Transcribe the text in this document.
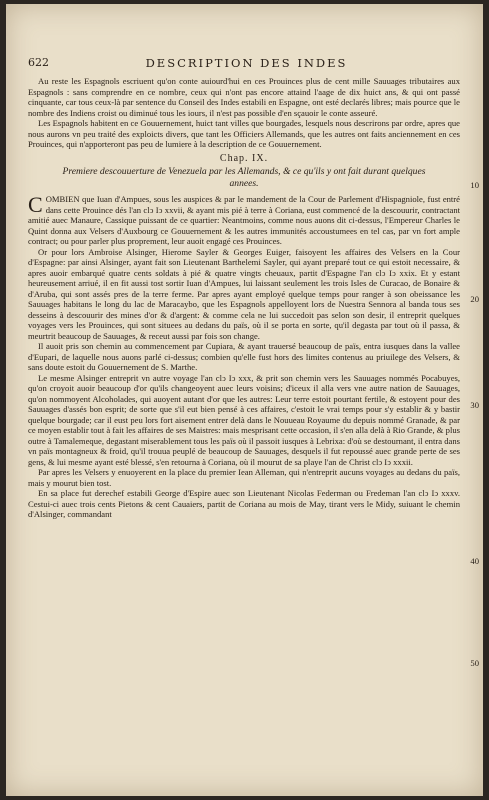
622	DESCRIPTION DES INDES

Au reste les Espagnols escriuent qu'on conte auiourd'hui en ces Prouinces plus de cent mille Sauuages tributaires aux Espagnols : sans comprendre en ce nombre, ceux qui n'ont pas encore attaind l'aage de dix huict ans, & qui ont passé cinquante, car tous ceux-là par sentence du Conseil des Indes estabili en Espagne, ont esté declarés libres; mais pource que le nombre des Indiens croist ou diminué tous les iours, il n'est pas possible d'en sçauoir le conte asseuré.

Les Espagnols habitent en ce Gouuernement, huict tant villes que bourgades, lesquels nous descrirons par ordre, apres que nous aurons vn peu traité des exploicts divers, que tant les Officiers Allemands, que les autres ont faits anciennement en ces Prouinces, qui n'apporteront pas peu de lumiere à la description de ce Gouuernement.

Chap. IX.
Premiere descouuerture de Venezuela par les Allemands, & ce qu'ils y ont fait durant quelques annees.

COMBIEN que Iuan d'Ampues, sous les auspices & par le mandement de la Cour de Parlement d'Hispagniole, fust entré dans cette Prouince dés l'an clↄ Iↄ xxvii, & ayant mis pié à terre à Coriana, eust commencé de la descouurir, contractant amitié auec Manaure, Cassique puissant de ce quartier: Neantmoins, comme nous auons dit ci-dessus, l'Empereur Charles le Quint donna aux Velsers d'Auxbourg ce Gouuernement & les autres immunités accoustumees en tel cas, par vn fort ample contract; ou pour parler plus proprement, leur auoit engagé ces Prouinces.

Or pour lors Ambroise Alsinger, Hierome Sayler & Georges Euiger, faisoyent les affaires des Velsers en la Cour d'Espagne: par ainsi Alsinger, ayant fait son Lieutenant Barthelemi Sayler, qui ayant preparé tout ce qui estoit necessaire, & apres auoir embarqué quatre cents soldats à pié & quatre vingts cheuaux, partit d'Espagne l'an clↄ Iↄ xxix. Et y estant heureusement arriué, il en fit aussi tost sortir Iuan d'Ampues, lui laissant seulement les trois Isles de Curacao, de Bonaire & d'Aruba, qui sont assés pres de la terre ferme. Par apres ayant employé quelque temps pour ranger à son obeissance les Sauuages habitans le long du lac de Maracaybo, que les Espagnols appelloyent lors de Nuestra Sennora al banda tous ses desseins à descouurir des mines d'or & d'argent: & comme cela ne lui succedoit pas selon son desir, il entreprit quelques voyages vers les Prouinces, qui sont situees au dedans du païs, où il se porta en sorte, qu'il degasta par tout où il passa, & meurtrit beaucoup de Sauuages, & receut aussi par fois son change.

Il auoit pris son chemin au commencement par Cupiara, & ayant trauersé beaucoup de païs, entra iusques dans la vallee d'Eupari, de laquelle nous auons parlé ci-dessus; combien qu'elle fust hors des limites contenus au priuilege des Velsers, & sans doute estoit du Gouuernement de S. Marthe.

Le mesme Alsinger entreprit vn autre voyage l'an clↄ Iↄ xxx, & prit son chemin vers les Sauuages nommés Pocabuyes, qu'on croyoit auoir beaucoup d'or qu'ils changeoyent auec leurs voisins; d'iceux il alla vers vne autre nation de Sauuages, qu'on nommoyent Alcoholades, qui auoyent autant d'or que les autres: Leur terre estoit pourtant fertile, & estoyent pour des Sauuages d'assés bon esprit; de sorte que s'il eut bien pensé à ces affaires, c'estoit le vrai temps pour s'y establir & y bastir quelque bourgade; car il eust peu lors fort aisement entrer delà dans le Nouueau Royaume du depuis nommé Granade, & par ce moyen establir tout à fait les affaires de ses Maistres: mais mesprisant cette occasion, il s'en alla delà à Rio Grande, & plus outre à Tamalemeque, degastant miserablement tous les païs où il passoit iusques à Lebrixa: d'où se destournant, il entra dans vn païs montagneux & froid, qu'il trouua peuplé de beaucoup de Sauuages, desquels il fut repoussé auec grande perte de ses gens, & lui mesme ayant esté blessé, s'en retourna à Coriana, où il mourut de sa playe l'an de Christ clↄ Iↄ xxxii.

Par apres les Velsers y enuoyerent en la place du premier Iean Alleman, qui n'entreprit aucuns voyages au dedans du païs, mais y mourut bien tost.

En sa place fut derechef estabili George d'Espire auec son Lieutenant Nicolas Federman ou Fredeman l'an clↄ Iↄ xxxv. Cestui-ci auec trois cents Pietons & cent Cauaiers, partit de Coriana au mois de May, tirant vers le Midy, suiuant le chemin d'Alsinger, commandant

10
20
30
40
50
